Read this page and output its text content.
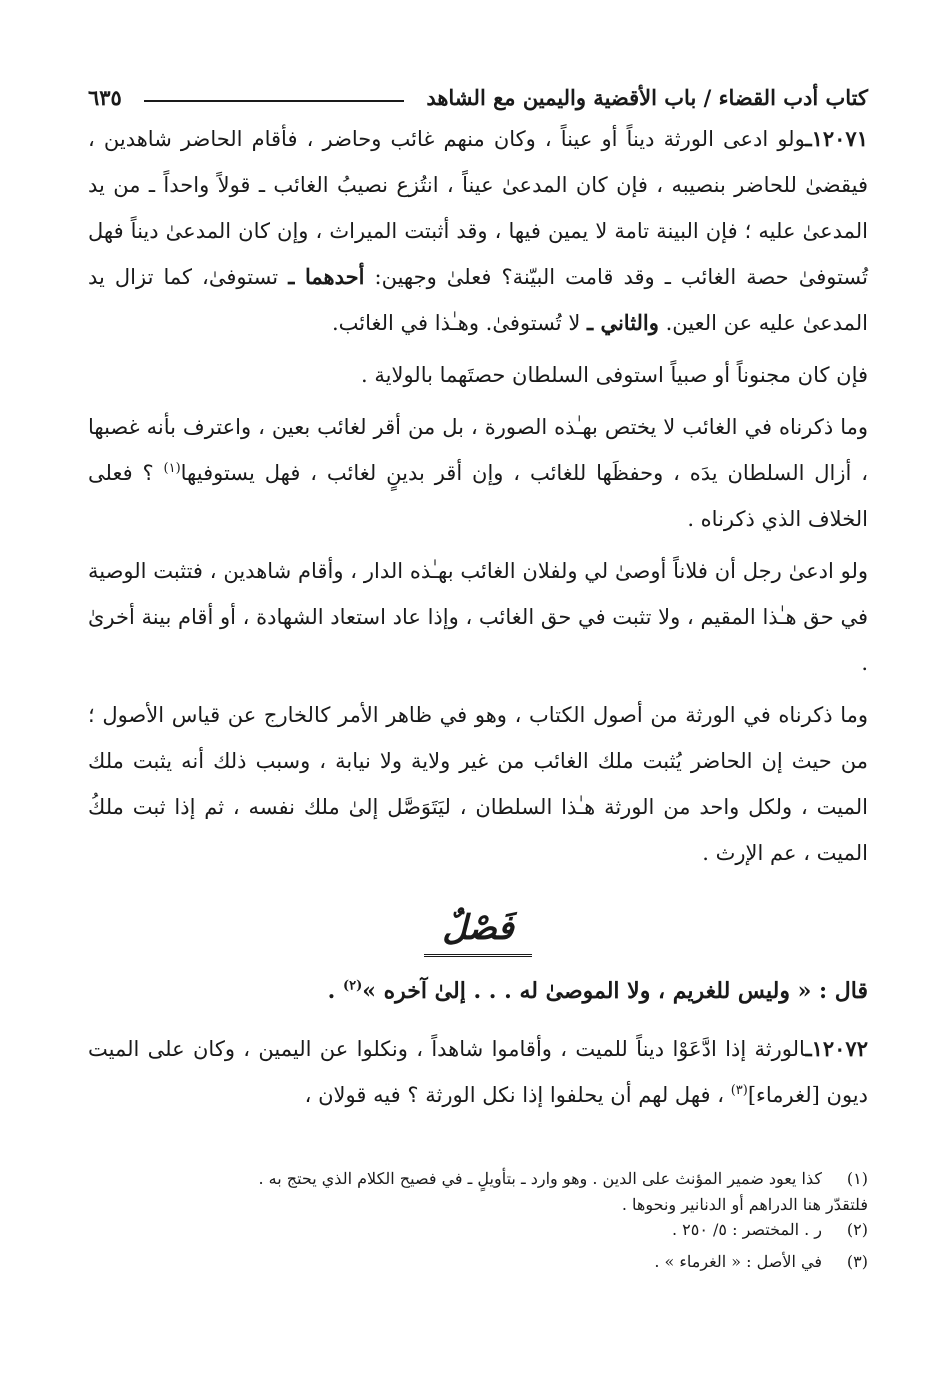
كتاب أدب القضاء / باب الأقضية واليمين مع الشاهد
٦٣٥

١٢٠٧١ـولو ادعى الورثة ديناً أو عيناً ، وكان منهم غائب وحاضر ، فأقام الحاضر شاهدين ، فيقضىٰ للحاضر بنصيبه ، فإن كان المدعىٰ عيناً ، انتُزع نصيبُ الغائب ـ قولاً واحداً ـ من يد المدعىٰ عليه ؛ فإن البينة تامة لا يمين فيها ، وقد أثبتت الميراث ، وإن كان المدعىٰ ديناً فهل تُستوفىٰ حصة الغائب ـ وقد قامت البيّنة؟ فعلىٰ وجهين: أحدهما ـ تستوفىٰ، كما تزال يد المدعىٰ عليه عن العين. والثاني ـ لا تُستوفىٰ. وهـٰذا في الغائب.

فإن كان مجنوناً أو صبياً استوفى السلطان حصتَهما بالولاية .

وما ذكرناه في الغائب لا يختص بهـٰذه الصورة ، بل من أقر لغائب بعين ، واعترف بأنه غصبها ، أزال السلطان يدَه ، وحفظَها للغائب ، وإن أقر بدينٍ لغائب ، فهل يستوفيها$^{(١)}$ ؟ فعلى الخلاف الذي ذكرناه .

ولو ادعىٰ رجل أن فلاناً أوصىٰ لي ولفلان الغائب بهـٰذه الدار ، وأقام شاهدين ، فتثبت الوصية في حق هـٰذا المقيم ، ولا تثبت في حق الغائب ، وإذا عاد استعاد الشهادة ، أو أقام بينة أخرىٰ .

وما ذكرناه في الورثة من أصول الكتاب ، وهو في ظاهر الأمر كالخارج عن قياس الأصول ؛ من حيث إن الحاضر يُثبت ملك الغائب من غير ولاية ولا نيابة ، وسبب ذلك أنه يثبت ملك الميت ، ولكل واحد من الورثة هـٰذا السلطان ، ليَتَوَصَّل إلىٰ ملك نفسه ، ثم إذا ثبت ملكُ الميت ، عم الإرث .

فَصْلٌ

قال : « وليس للغريم ، ولا الموصىٰ له . . . إلىٰ آخره »$^{(٢)}$ .

١٢٠٧٢ـالورثة إذا ادَّعَوْا ديناً للميت ، وأقاموا شاهداً ، ونكلوا عن اليمين ، وكان على الميت ديون [لغرماء]$^{(٣)}$ ، فهل لهم أن يحلفوا إذا نكل الورثة ؟ فيه قولان ،

(١)
كذا يعود ضمير المؤنث على الدين . وهو وارد ـ بتأويلٍ ـ في فصيح الكلام الذي يحتج به .
فلتقدّر هنا الدراهم أو الدنانير ونحوها .
(٢)
ر . المختصر : ٥/ ٢٥٠ .
(٣)
في الأصل : « الغرماء » .
